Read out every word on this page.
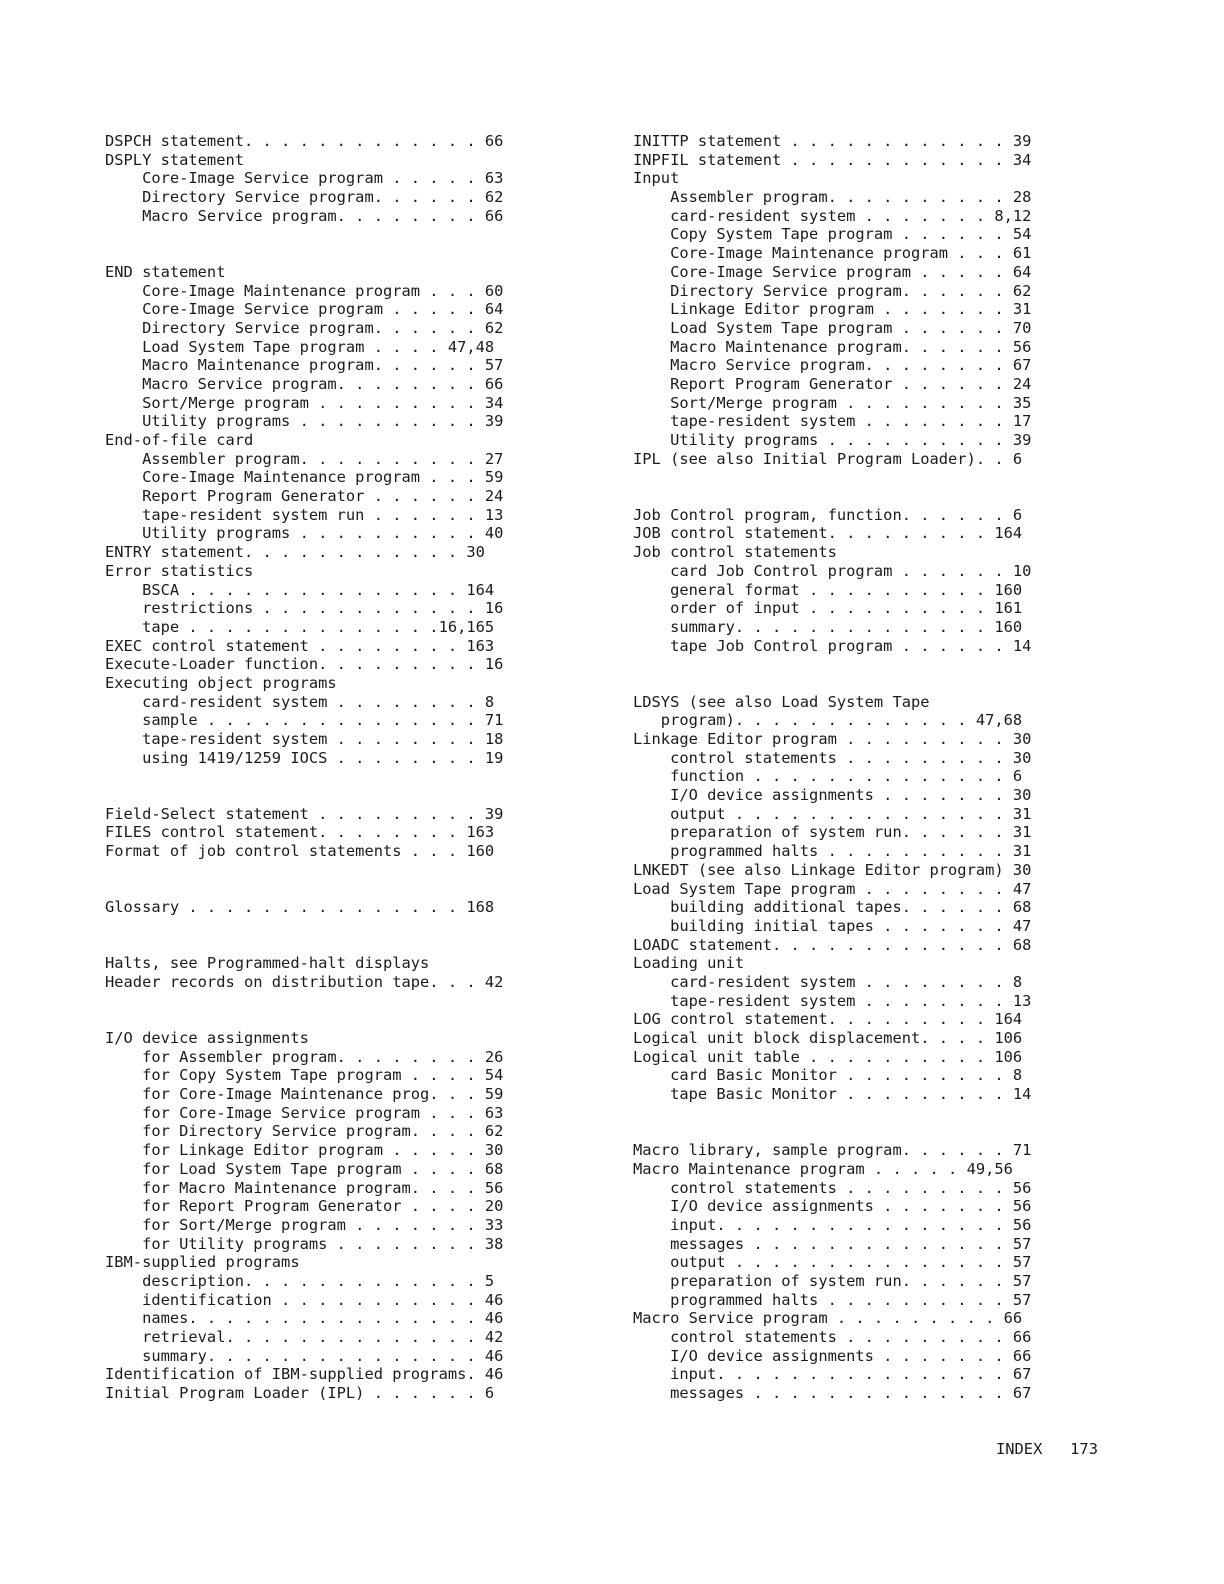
DSPCH statement. . . . . . . . . . . . . 66
DSPLY statement
Core-Image Service program . . . . . 63
Directory Service program. . . . . . 62
Macro Service program. . . . . . . . 66
END statement
Core-Image Maintenance program . . . 60
Core-Image Service program . . . . . 64
Directory Service program. . . . . . 62
Load System Tape program . . . . 47,48
Macro Maintenance program. . . . . . 57
Macro Service program. . . . . . . . 66
Sort/Merge program . . . . . . . . . 34
Utility programs . . . . . . . . . . 39
End-of-file card
Assembler program. . . . . . . . . . 27
Core-Image Maintenance program . . . 59
Report Program Generator . . . . . . 24
tape-resident system run . . . . . . 13
Utility programs . . . . . . . . . . 40
ENTRY statement. . . . . . . . . . . . 30
Error statistics
BSCA . . . . . . . . . . . . . . . 164
restrictions . . . . . . . . . . . . 16
tape . . . . . . . . . . . . . .16,165
EXEC control statement . . . . . . . . 163
Execute-Loader function. . . . . . . . . 16
Executing object programs
card-resident system . . . . . . . . 8
sample . . . . . . . . . . . . . . . 71
tape-resident system . . . . . . . . 18
using 1419/1259 IOCS . . . . . . . . 19
Field-Select statement . . . . . . . . . 39
FILES control statement. . . . . . . . 163
Format of job control statements . . . 160
Glossary . . . . . . . . . . . . . . . 168
Halts, see Programmed-halt displays
Header records on distribution tape. . . 42
I/O device assignments
for Assembler program. . . . . . . . 26
for Copy System Tape program . . . . 54
for Core-Image Maintenance prog. . . 59
for Core-Image Service program . . . 63
for Directory Service program. . . . 62
for Linkage Editor program . . . . . 30
for Load System Tape program . . . . 68
for Macro Maintenance program. . . . 56
for Report Program Generator . . . . 20
for Sort/Merge program . . . . . . . 33
for Utility programs . . . . . . . . 38
IBM-supplied programs
description. . . . . . . . . . . . . 5
identification . . . . . . . . . . . 46
names. . . . . . . . . . . . . . . . 46
retrieval. . . . . . . . . . . . . . 42
summary. . . . . . . . . . . . . . . 46
Identification of IBM-supplied programs. 46
Initial Program Loader (IPL) . . . . . . 6
INITTP statement . . . . . . . . . . . . 39
INPFIL statement . . . . . . . . . . . . 34
Input
Assembler program. . . . . . . . . . 28
card-resident system . . . . . . . 8,12
Copy System Tape program . . . . . . 54
Core-Image Maintenance program . . . 61
Core-Image Service program . . . . . 64
Directory Service program. . . . . . 62
Linkage Editor program . . . . . . . 31
Load System Tape program . . . . . . 70
Macro Maintenance program. . . . . . 56
Macro Service program. . . . . . . . 67
Report Program Generator . . . . . . 24
Sort/Merge program . . . . . . . . . 35
tape-resident system . . . . . . . . 17
Utility programs . . . . . . . . . . 39
IPL (see also Initial Program Loader). . 6
Job Control program, function. . . . . . 6
JOB control statement. . . . . . . . . 164
Job control statements
card Job Control program . . . . . . 10
general format . . . . . . . . . . 160
order of input . . . . . . . . . . 161
summary. . . . . . . . . . . . . . 160
tape Job Control program . . . . . . 14
LDSYS (see also Load System Tape
program). . . . . . . . . . . . . 47,68
Linkage Editor program . . . . . . . . . 30
control statements . . . . . . . . . 30
function . . . . . . . . . . . . . . 6
I/O device assignments . . . . . . . 30
output . . . . . . . . . . . . . . . 31
preparation of system run. . . . . . 31
programmed halts . . . . . . . . . . 31
LNKEDT (see also Linkage Editor program) 30
Load System Tape program . . . . . . . . 47
building additional tapes. . . . . . 68
building initial tapes . . . . . . . 47
LOADC statement. . . . . . . . . . . . . 68
Loading unit
card-resident system . . . . . . . . 8
tape-resident system . . . . . . . . 13
LOG control statement. . . . . . . . . 164
Logical unit block displacement. . . . 106
Logical unit table . . . . . . . . . . 106
card Basic Monitor . . . . . . . . . 8
tape Basic Monitor . . . . . . . . . 14
Macro library, sample program. . . . . . 71
Macro Maintenance program . . . . . 49,56
control statements . . . . . . . . . 56
I/O device assignments . . . . . . . 56
input. . . . . . . . . . . . . . . . 56
messages . . . . . . . . . . . . . . 57
output . . . . . . . . . . . . . . . 57
preparation of system run. . . . . . 57
programmed halts . . . . . . . . . . 57
Macro Service program . . . . . . . . . 66
control statements . . . . . . . . . 66
I/O device assignments . . . . . . . 66
input. . . . . . . . . . . . . . . . 67
messages . . . . . . . . . . . . . . 67
INDEX 173
